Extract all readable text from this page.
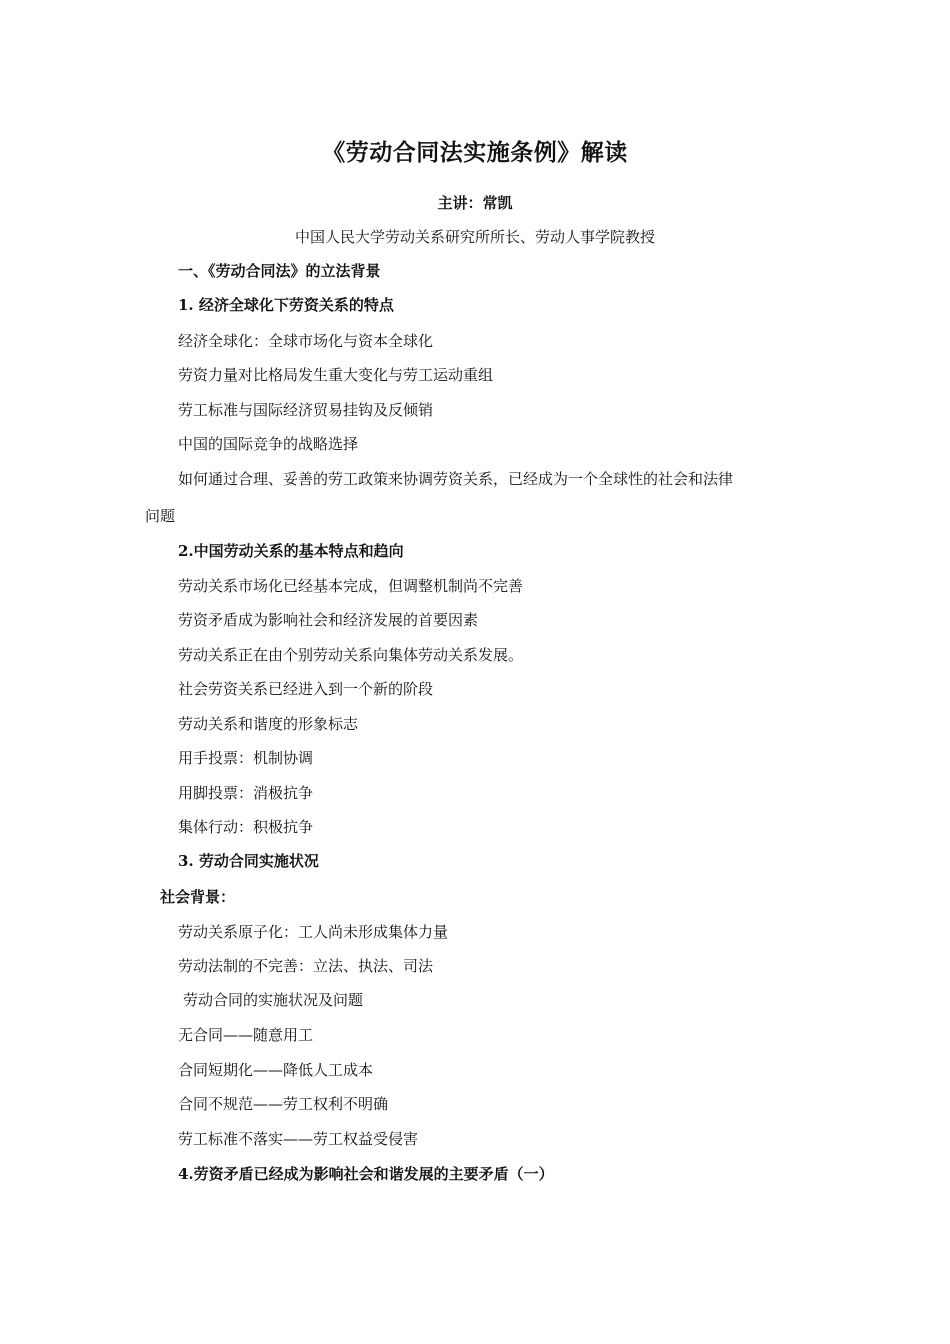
《劳动合同法实施条例》解读
主讲：常凯
中国人民大学劳动关系研究所所长、劳动人事学院教授
一、《劳动合同法》的立法背景
1. 经济全球化下劳资关系的特点
经济全球化：全球市场化与资本全球化
劳资力量对比格局发生重大变化与劳工运动重组
劳工标准与国际经济贸易挂钩及反倾销
中国的国际竞争的战略选择
如何通过合理、妥善的劳工政策来协调劳资关系，已经成为一个全球性的社会和法律
问题
2.中国劳动关系的基本特点和趋向
劳动关系市场化已经基本完成，但调整机制尚不完善
劳资矛盾成为影响社会和经济发展的首要因素
劳动关系正在由个别劳动关系向集体劳动关系发展。
社会劳资关系已经进入到一个新的阶段
劳动关系和谐度的形象标志
用手投票：机制协调
用脚投票：消极抗争
集体行动：积极抗争
3. 劳动合同实施状况
社会背景：
劳动关系原子化：工人尚未形成集体力量
劳动法制的不完善：立法、执法、司法
劳动合同的实施状况及问题
无合同——随意用工
合同短期化——降低人工成本
合同不规范——劳工权利不明确
劳工标准不落实——劳工权益受侵害
4.劳资矛盾已经成为影响社会和谐发展的主要矛盾（一）
